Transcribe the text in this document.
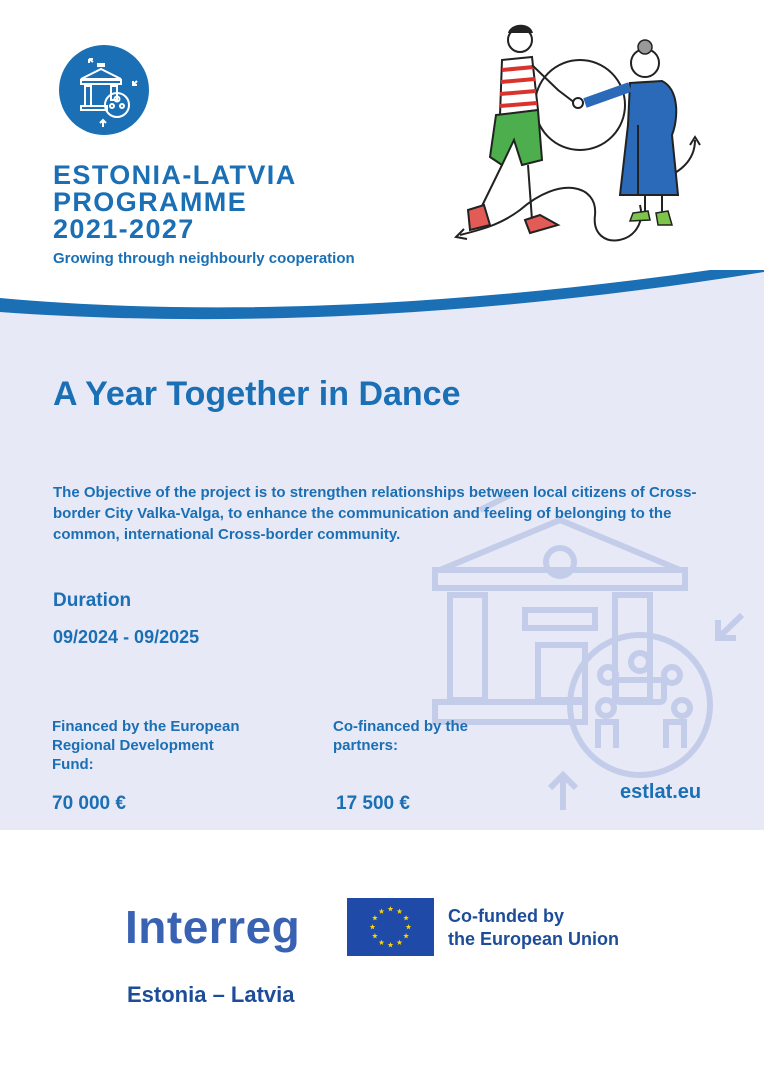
ESTONIA-LATVIA
PROGRAMME
2021-2027
Growing through neighbourly cooperation
A Year Together in Dance
The Objective of the project is to strengthen relationships between local citizens of Cross-border City Valka-Valga, to enhance the communication and feeling of belonging to the common, international Cross-border community.
Duration
09/2024 - 09/2025
Financed by the European Regional Development Fund:
Co-financed by the partners:
70 000 €	17 500 €
estlat.eu
Interreg	Co-funded by
the European Union
Estonia – Latvia
